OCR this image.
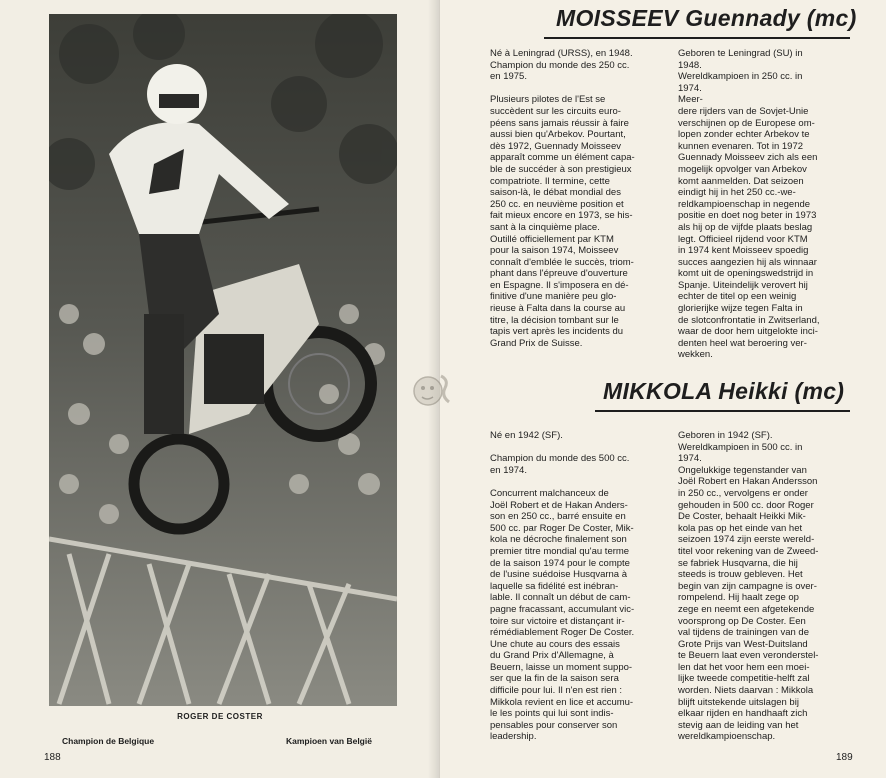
ROGER DE COSTER
Champion de Belgique	Kampioen van België
188
MOISSEEV Guennady (mc)
Né à Leningrad (URSS), en 1948.
Champion du monde des 250 cc.
en 1975.

Plusieurs pilotes de l'Est se
succèdent sur les circuits euro-
péens sans jamais réussir à faire
aussi bien qu'Arbekov. Pourtant,
dès 1972, Guennady Moisseev
apparaît comme un élément capa-
ble de succéder à son prestigieux
compatriote. Il termine, cette
saison-là, le débat mondial des
250 cc. en neuvième position et
fait mieux encore en 1973, se his-
sant à la cinquième place.
Outillé officiellement par KTM
pour la saison 1974, Moisseev
connaît d'emblée le succès, triom-
phant dans l'épreuve d'ouverture
en Espagne. Il s'imposera en dé-
finitive d'une manière peu glo-
rieuse à Falta dans la course au
titre, la décision tombant sur le
tapis vert après les incidents du
Grand Prix de Suisse.
Geboren te Leningrad (SU) in
1948.
Wereldkampioen in 250 cc. in
1974.
Meer-
dere rijders van de Sovjet-Unie
verschijnen op de Europese om-
lopen zonder echter Arbekov te
kunnen evenaren. Tot in 1972
Guennady Moisseev zich als een
mogelijk opvolger van Arbekov
komt aanmelden. Dat seizoen
eindigt hij in het 250 cc.-we-
reldkampioenschap in negende
positie en doet nog beter in 1973
als hij op de vijfde plaats beslag
legt. Officieel rijdend voor KTM
in 1974 kent Moisseev spoedig
succes aangezien hij als winnaar
komt uit de openingswedstrijd in
Spanje. Uiteindelijk verovert hij
echter de titel op een weinig
glorierijke wijze tegen Falta in
de slotconfrontatie in Zwitserland,
waar de door hem uitgelokte inci-
denten heel wat beroering ver-
wekken.
MIKKOLA Heikki (mc)
Né en 1942 (SF).

Champion du monde des 500 cc.
en 1974.

Concurrent malchanceux de
Joël Robert et de Hakan Anders-
son en 250 cc., barré ensuite en
500 cc. par Roger De Coster, Mik-
kola ne décroche finalement son
premier titre mondial qu'au terme
de la saison 1974 pour le compte
de l'usine suédoise Husqvarna à
laquelle sa fidélité est inébran-
lable. Il connaît un début de cam-
pagne fracassant, accumulant vic-
toire sur victoire et distançant ir-
rémédiablement Roger De Coster.
Une chute au cours des essais
du Grand Prix d'Allemagne, à
Beuern, laisse un moment suppo-
ser que la fin de la saison sera
difficile pour lui. Il n'en est rien :
Mikkola revient en lice et accumu-
le les points qui lui sont indis-
pensables pour conserver son
leadership.
Geboren in 1942 (SF).
Wereldkampioen in 500 cc. in
1974.
Ongelukkige tegenstander van
Joël Robert en Hakan Andersson
in 250 cc., vervolgens er onder
gehouden in 500 cc. door Roger
De Coster, behaalt Heikki Mik-
kola pas op het einde van het
seizoen 1974 zijn eerste wereld-
titel voor rekening van de Zweed-
se fabriek Husqvarna, die hij
steeds is trouw gebleven. Het
begin van zijn campagne is over-
rompelend. Hij haalt zege op
zege en neemt een afgetekende
voorsprong op De Coster. Een
val tijdens de trainingen van de
Grote Prijs van West-Duitsland
te Beuern laat even veronderstel-
len dat het voor hem een moei-
lijke tweede competitie-helft zal
worden. Niets daarvan : Mikkola
blijft uitstekende uitslagen bij
elkaar rijden en handhaaft zich
stevig aan de leiding van het
wereldkampioenschap.
189
